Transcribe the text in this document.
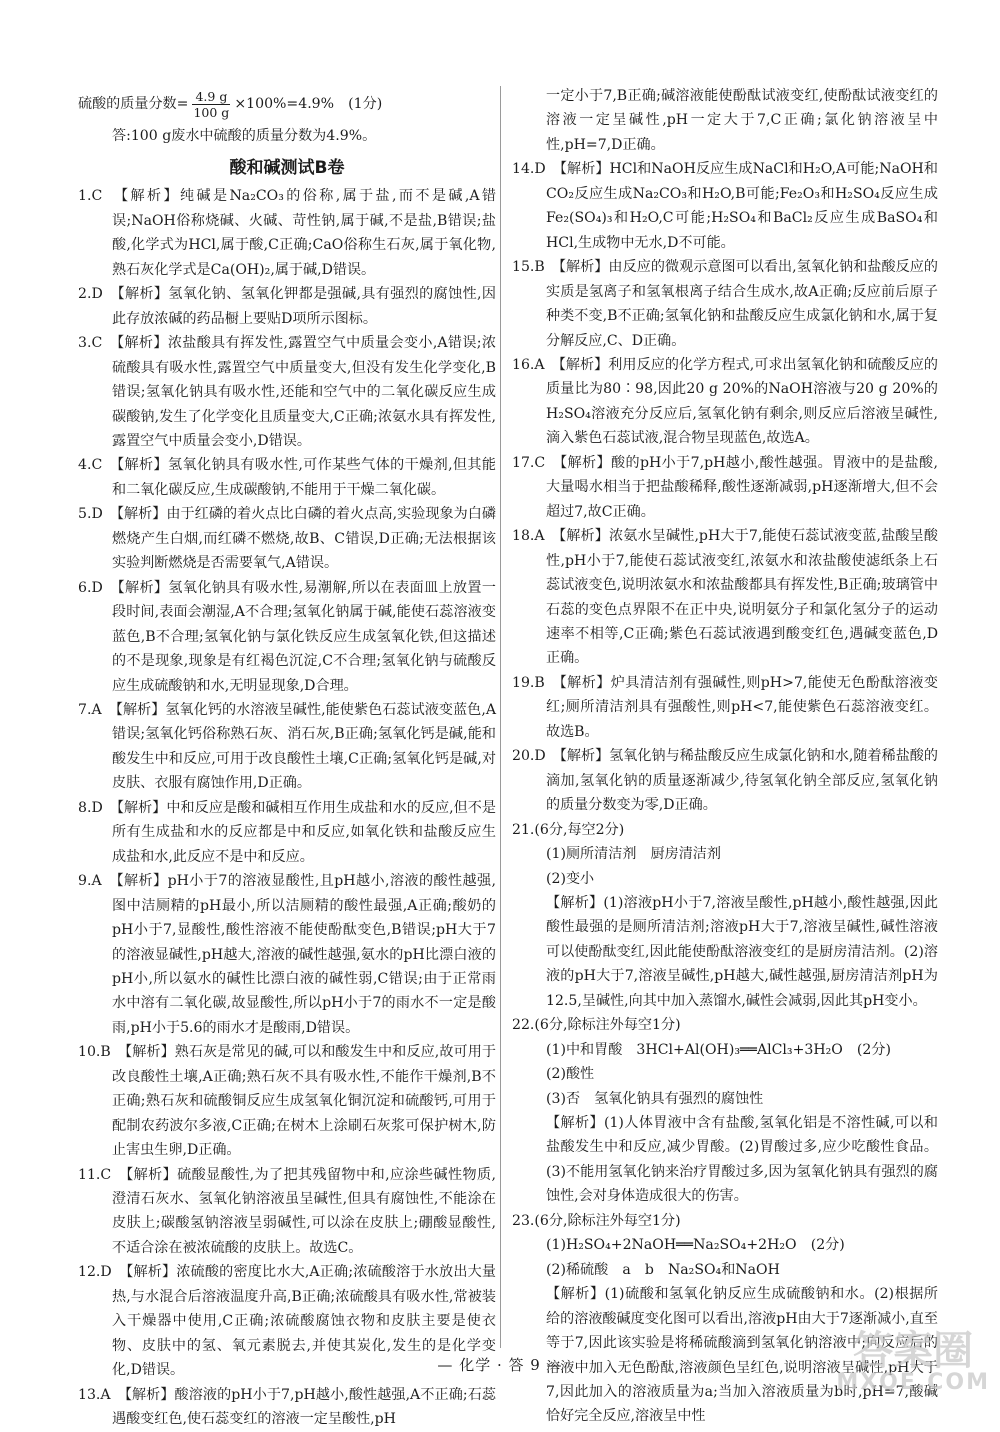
硫酸的质量分数= $\frac{4.9 g}{100 g} \times 100\%=4.9\%$　(1分)

答:100 g废水中硫酸的质量分数为4.9%。

酸和碱测试B卷

1.C　【解析】纯碱是Na₂CO₃的俗称,属于盐,而不是碱,A错误;NaOH俗称烧碱、火碱、苛性钠,属于碱,不是盐,B错误;盐酸,化学式为HCl,属于酸,C正确;CaO俗称生石灰,属于氧化物,熟石灰化学式是Ca(OH)₂,属于碱,D错误。

2.D　【解析】氢氧化钠、氢氧化钾都是强碱,具有强烈的腐蚀性,因此存放浓碱的药品橱上要贴D项所示图标。

3.C　【解析】浓盐酸具有挥发性,露置空气中质量会变小,A错误;浓硫酸具有吸水性,露置空气中质量变大,但没有发生化学变化,B错误;氢氧化钠具有吸水性,还能和空气中的二氧化碳反应生成碳酸钠,发生了化学变化且质量变大,C正确;浓氨水具有挥发性,露置空气中质量会变小,D错误。

4.C　【解析】氢氧化钠具有吸水性,可作某些气体的干燥剂,但其能和二氧化碳反应,生成碳酸钠,不能用于干燥二氧化碳。

5.D　【解析】由于红磷的着火点比白磷的着火点高,实验现象为白磷燃烧产生白烟,而红磷不燃烧,故B、C错误,D正确;无法根据该实验判断燃烧是否需要氧气,A错误。

6.D　【解析】氢氧化钠具有吸水性,易潮解,所以在表面皿上放置一段时间,表面会潮湿,A不合理;氢氧化钠属于碱,能使石蕊溶液变蓝色,B不合理;氢氧化钠与氯化铁反应生成氢氧化铁,但这描述的不是现象,现象是有红褐色沉淀,C不合理;氢氧化钠与硫酸反应生成硫酸钠和水,无明显现象,D合理。

7.A　【解析】氢氧化钙的水溶液呈碱性,能使紫色石蕊试液变蓝色,A错误;氢氧化钙俗称熟石灰、消石灰,B正确;氢氧化钙是碱,能和酸发生中和反应,可用于改良酸性土壤,C正确;氢氧化钙是碱,对皮肤、衣服有腐蚀作用,D正确。

8.D　【解析】中和反应是酸和碱相互作用生成盐和水的反应,但不是所有生成盐和水的反应都是中和反应,如氧化铁和盐酸反应生成盐和水,此反应不是中和反应。

9.A　【解析】pH小于7的溶液显酸性,且pH越小,溶液的酸性越强,图中洁厕精的pH最小,所以洁厕精的酸性最强,A正确;酸奶的pH小于7,显酸性,酸性溶液不能使酚酞变色,B错误;pH大于7的溶液显碱性,pH越大,溶液的碱性越强,氨水的pH比漂白液的pH小,所以氨水的碱性比漂白液的碱性弱,C错误;由于正常雨水中溶有二氧化碳,故显酸性,所以pH小于7的雨水不一定是酸雨,pH小于5.6的雨水才是酸雨,D错误。

10.B　【解析】熟石灰是常见的碱,可以和酸发生中和反应,故可用于改良酸性土壤,A正确;熟石灰不具有吸水性,不能作干燥剂,B不正确;熟石灰和硫酸铜反应生成氢氧化铜沉淀和硫酸钙,可用于配制农药波尔多液,C正确;在树木上涂刷石灰浆可保护树木,防止害虫生卵,D正确。

11.C　【解析】硫酸显酸性,为了把其残留物中和,应涂些碱性物质,澄清石灰水、氢氧化钠溶液虽呈碱性,但具有腐蚀性,不能涂在皮肤上;碳酸氢钠溶液呈弱碱性,可以涂在皮肤上;硼酸显酸性,不适合涂在被浓硫酸的皮肤上。故选C。

12.D　【解析】浓硫酸的密度比水大,A正确;浓硫酸溶于水放出大量热,与水混合后溶液温度升高,B正确;浓硫酸具有吸水性,常被装入干燥器中使用,C正确;浓硫酸腐蚀衣物和皮肤主要是使衣物、皮肤中的氢、氧元素脱去,并使其炭化,发生的是化学变化,D错误。

13.A　【解析】酸溶液的pH小于7,pH越小,酸性越强,A不正确;石蕊遇酸变红色,使石蕊变红的溶液一定呈酸性,pH

一定小于7,B正确;碱溶液能使酚酞试液变红,使酚酞试液变红的溶液一定呈碱性,pH一定大于7,C正确;氯化钠溶液呈中性,pH=7,D正确。

14.D　【解析】HCl和NaOH反应生成NaCl和H₂O,A可能;NaOH和CO₂反应生成Na₂CO₃和H₂O,B可能;Fe₂O₃和H₂SO₄反应生成Fe₂(SO₄)₃和H₂O,C可能;H₂SO₄和BaCl₂反应生成BaSO₄和HCl,生成物中无水,D不可能。

15.B　【解析】由反应的微观示意图可以看出,氢氧化钠和盐酸反应的实质是氢离子和氢氧根离子结合生成水,故A正确;反应前后原子种类不变,B不正确;氢氧化钠和盐酸反应生成氯化钠和水,属于复分解反应,C、D正确。

16.A　【解析】利用反应的化学方程式,可求出氢氧化钠和硫酸反应的质量比为80∶98,因此20 g 20%的NaOH溶液与20 g 20%的H₂SO₄溶液充分反应后,氢氧化钠有剩余,则反应后溶液呈碱性,滴入紫色石蕊试液,混合物呈现蓝色,故选A。

17.C　【解析】酸的pH小于7,pH越小,酸性越强。胃液中的是盐酸,大量喝水相当于把盐酸稀释,酸性逐渐减弱,pH逐渐增大,但不会超过7,故C正确。

18.A　【解析】浓氨水呈碱性,pH大于7,能使石蕊试液变蓝,盐酸呈酸性,pH小于7,能使石蕊试液变红,浓氨水和浓盐酸使滤纸条上石蕊试液变色,说明浓氨水和浓盐酸都具有挥发性,B正确;玻璃管中石蕊的变色点界限不在正中央,说明氨分子和氯化氢分子的运动速率不相等,C正确;紫色石蕊试液遇到酸变红色,遇碱变蓝色,D正确。

19.B　【解析】炉具清洁剂有强碱性,则pH>7,能使无色酚酞溶液变红;厕所清洁剂具有强酸性,则pH<7,能使紫色石蕊溶液变红。故选B。

20.D　【解析】氢氧化钠与稀盐酸反应生成氯化钠和水,随着稀盐酸的滴加,氢氧化钠的质量逐渐减少,待氢氧化钠全部反应,氢氧化钠的质量分数变为零,D正确。

21.(6分,每空2分)

(1)厕所清洁剂　厨房清洁剂

(2)变小

【解析】(1)溶液pH小于7,溶液呈酸性,pH越小,酸性越强,因此酸性最强的是厕所清洁剂;溶液pH大于7,溶液呈碱性,碱性溶液可以使酚酞变红,因此能使酚酞溶液变红的是厨房清洁剂。(2)溶液的pH大于7,溶液呈碱性,pH越大,碱性越强,厨房清洁剂pH为12.5,呈碱性,向其中加入蒸馏水,碱性会减弱,因此其pH变小。

22.(6分,除标注外每空1分)

(1)中和胃酸　3HCl+Al(OH)₃══AlCl₃+3H₂O　(2分)

(2)酸性

(3)否　氢氧化钠具有强烈的腐蚀性

【解析】(1)人体胃液中含有盐酸,氢氧化铝是不溶性碱,可以和盐酸发生中和反应,减少胃酸。(2)胃酸过多,应少吃酸性食品。(3)不能用氢氧化钠来治疗胃酸过多,因为氢氧化钠具有强烈的腐蚀性,会对身体造成很大的伤害。

23.(6分,除标注外每空1分)

(1)H₂SO₄+2NaOH══Na₂SO₄+2H₂O　(2分)

(2)稀硫酸　a　b　Na₂SO₄和NaOH

【解析】(1)硫酸和氢氧化钠反应生成硫酸钠和水。(2)根据所给的溶液酸碱度变化图可以看出,溶液pH由大于7逐渐减小,直至等于7,因此该实验是将稀硫酸滴到氢氧化钠溶液中;向反应后的溶液中加入无色酚酞,溶液颜色呈红色,说明溶液呈碱性,pH大于7,因此加入的溶液质量为a;当加入溶液质量为b时,pH=7,酸碱恰好完全反应,溶液呈中性

— 化学 · 答 9 —	答案圈
MXQE.COM
